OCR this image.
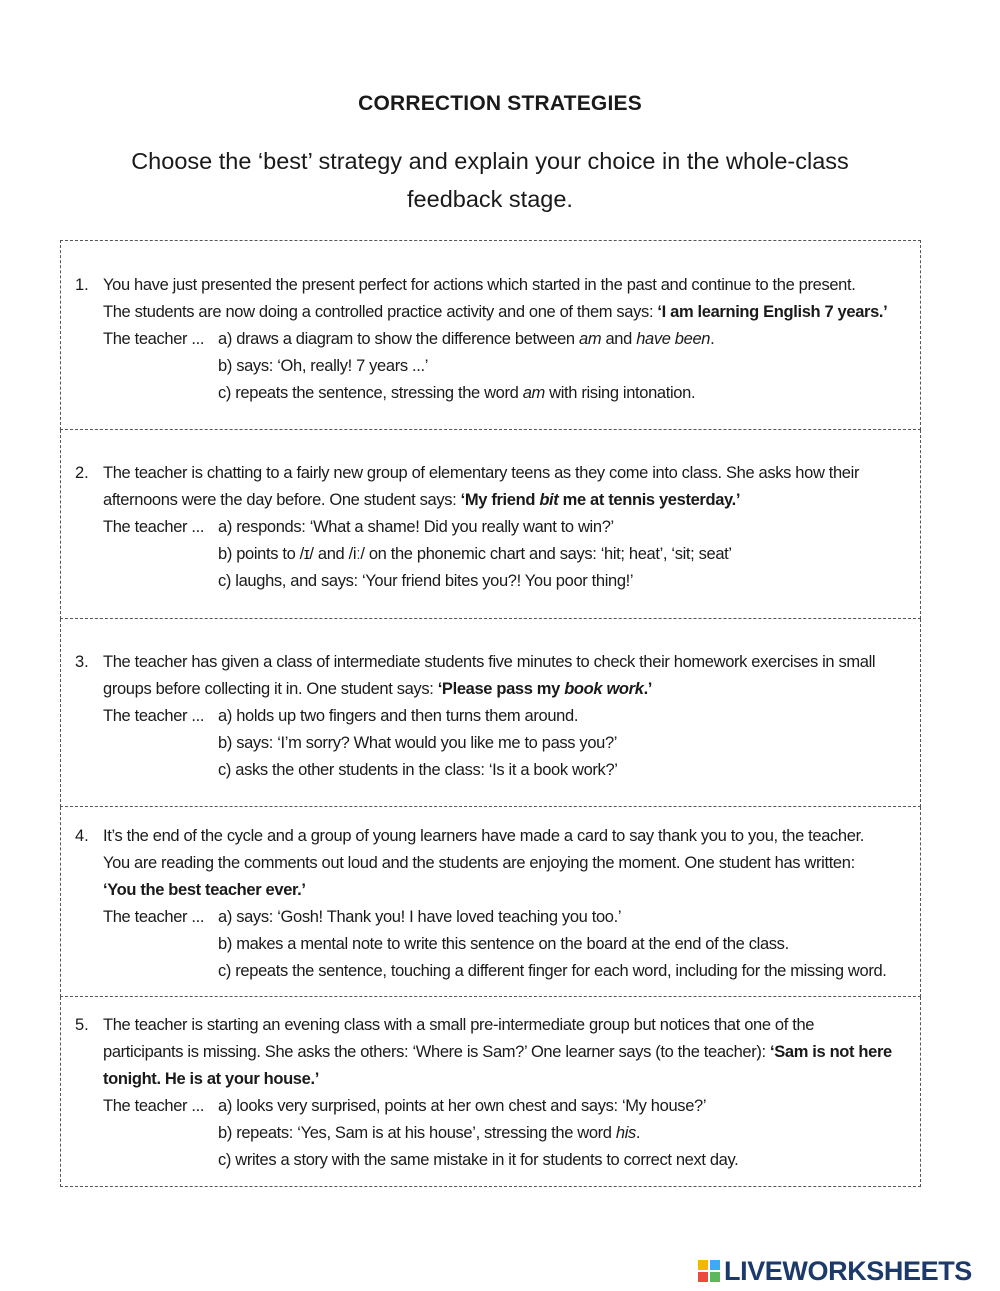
CORRECTION STRATEGIES
Choose the ‘best’ strategy and explain your choice in the whole-class feedback stage.
1. You have just presented the present perfect for actions which started in the past and continue to the present.
The students are now doing a controlled practice activity and one of them says: ‘I am learning English 7 years.’
The teacher ... a) draws a diagram to show the difference between am and have been.
b) says: ‘Oh, really! 7 years ...’
c) repeats the sentence, stressing the word am with rising intonation.
2. The teacher is chatting to a fairly new group of elementary teens as they come into class. She asks how their
afternoons were the day before. One student says: ‘My friend bit me at tennis yesterday.’
The teacher ... a) responds: ‘What a shame! Did you really want to win?’
b) points to /ɪ/ and /iː/ on the phonemic chart and says: ‘hit; heat’, ‘sit; seat’
c) laughs, and says: ‘Your friend bites you?! You poor thing!’
3. The teacher has given a class of intermediate students five minutes to check their homework exercises in small
groups before collecting it in. One student says: ‘Please pass my book work.’
The teacher ... a) holds up two fingers and then turns them around.
b) says: ‘I’m sorry? What would you like me to pass you?’
c) asks the other students in the class: ‘Is it a book work?’
4. It’s the end of the cycle and a group of young learners have made a card to say thank you to you, the teacher.
You are reading the comments out loud and the students are enjoying the moment. One student has written:
‘You the best teacher ever.’
The teacher ... a) says: ‘Gosh! Thank you! I have loved teaching you too.’
b) makes a mental note to write this sentence on the board at the end of the class.
c) repeats the sentence, touching a different finger for each word, including for the missing word.
5. The teacher is starting an evening class with a small pre-intermediate group but notices that one of the
participants is missing. She asks the others: ‘Where is Sam?’ One learner says (to the teacher): ‘Sam is not here
tonight. He is at your house.’
The teacher ... a) looks very surprised, points at her own chest and says: ‘My house?’
b) repeats: ‘Yes, Sam is at his house’, stressing the word his.
c) writes a story with the same mistake in it for students to correct next day.
LIVEWORKSHEETS
